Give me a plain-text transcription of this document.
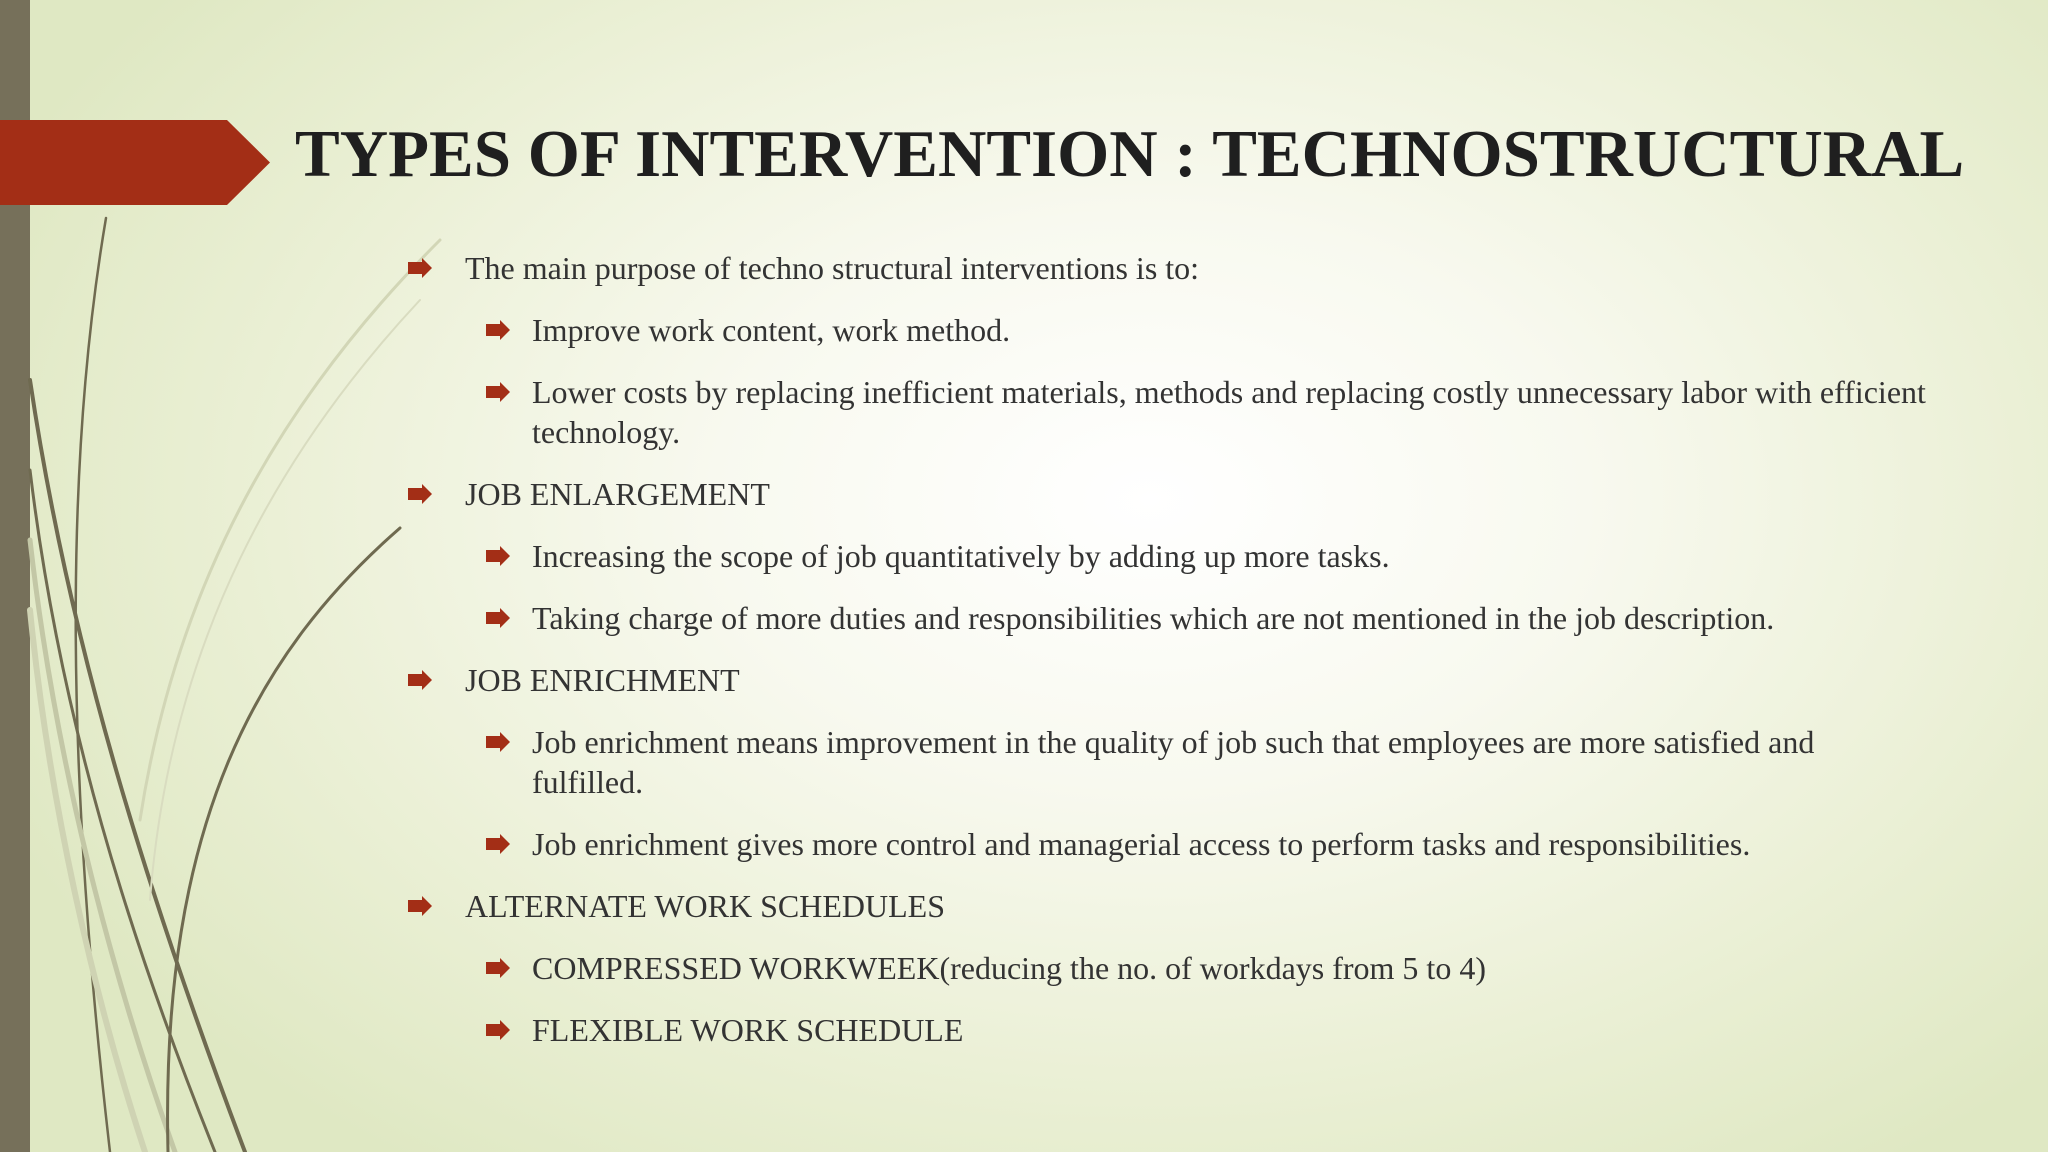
TYPES OF INTERVENTION : TECHNOSTRUCTURAL
The main purpose of techno structural interventions is to:
Improve work content, work method.
Lower costs by replacing inefficient materials, methods and replacing costly unnecessary labor with efficient technology.
JOB ENLARGEMENT
Increasing the scope of job quantitatively by adding up more tasks.
Taking charge of more duties and responsibilities which are not mentioned in the job description.
JOB ENRICHMENT
Job enrichment means improvement in the quality of job such that employees are more satisfied and fulfilled.
Job enrichment gives more control and managerial access to perform tasks and responsibilities.
ALTERNATE WORK SCHEDULES
COMPRESSED WORKWEEK(reducing the no. of workdays from 5 to 4)
FLEXIBLE WORK SCHEDULE
